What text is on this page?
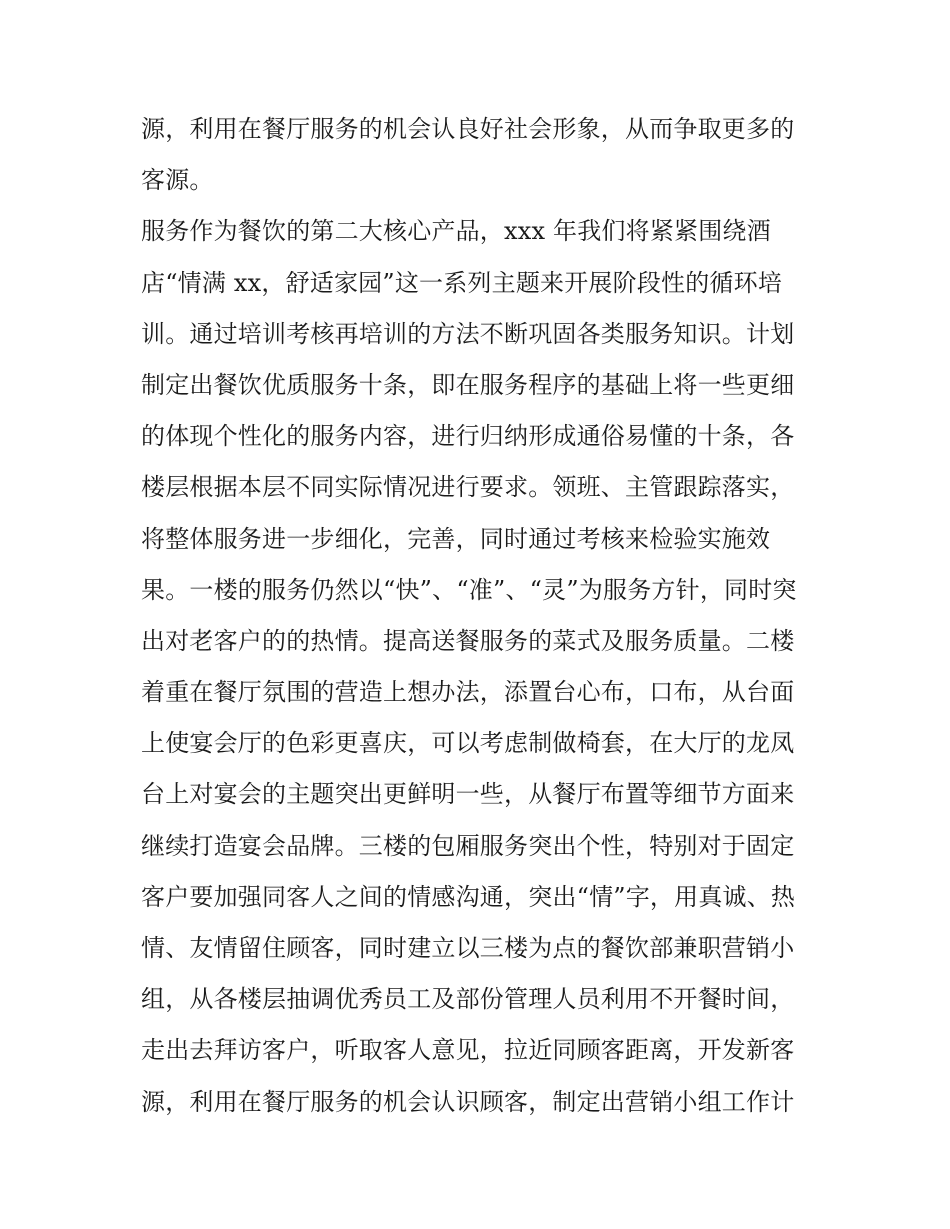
源，利用在餐厅服务的机会认良好社会形象，从而争取更多的
客源。
服务作为餐饮的第二大核心产品，xxx 年我们将紧紧围绕酒
店“情满 xx，舒适家园”这一系列主题来开展阶段性的循环培
训。通过培训考核再培训的方法不断巩固各类服务知识。计划
制定出餐饮优质服务十条，即在服务程序的基础上将一些更细
的体现个性化的服务内容，进行归纳形成通俗易懂的十条，各
楼层根据本层不同实际情况进行要求。领班、主管跟踪落实，
将整体服务进一步细化，完善，同时通过考核来检验实施效
果。一楼的服务仍然以“快”、“准”、“灵”为服务方针，同时突
出对老客户的的热情。提高送餐服务的菜式及服务质量。二楼
着重在餐厅氛围的营造上想办法，添置台心布，口布，从台面
上使宴会厅的色彩更喜庆，可以考虑制做椅套，在大厅的龙凤
台上对宴会的主题突出更鲜明一些，从餐厅布置等细节方面来
继续打造宴会品牌。三楼的包厢服务突出个性，特别对于固定
客户要加强同客人之间的情感沟通，突出“情”字，用真诚、热
情、友情留住顾客，同时建立以三楼为点的餐饮部兼职营销小
组，从各楼层抽调优秀员工及部份管理人员利用不开餐时间，
走出去拜访客户，听取客人意见，拉近同顾客距离，开发新客
源，利用在餐厅服务的机会认识顾客，制定出营销小组工作计
